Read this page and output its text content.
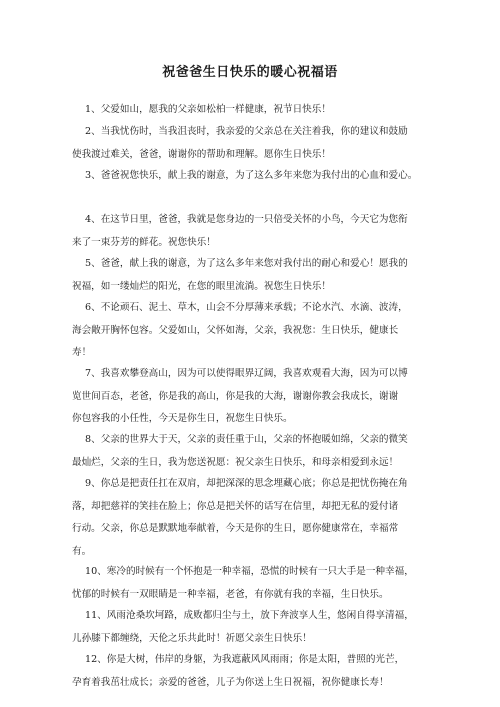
祝爸爸生日快乐的暖心祝福语
1、父爱如山，愿我的父亲如松柏一样健康，祝节日快乐！
2、当我忧伤时，当我沮丧时，我亲爱的父亲总在关注着我，你的建议和鼓励
使我渡过难关，爸爸，谢谢你的帮助和理解。愿你生日快乐！
3、爸爸祝您快乐，献上我的谢意，为了这么多年来您为我付出的心血和爱心。
4、在这节日里，爸爸，我就是您身边的一只倍受关怀的小鸟，今天它为您衔
来了一束芬芳的鲜花。祝您快乐！
5、爸爸，献上我的谢意，为了这么多年来您对我付出的耐心和爱心！愿我的
祝福，如一缕灿烂的阳光，在您的眼里流淌。祝您生日快乐！
6、不论顽石、泥土、草木，山会不分厚薄来承载；不论水汽、水滴、波涛，
海会敞开胸怀包容。父爱如山，父怀如海，父亲，我祝您：生日快乐，健康长
寿！
7、我喜欢攀登高山，因为可以使得眼界辽阔，我喜欢观看大海，因为可以博
览世间百态，老爸，你是我的高山，你是我的大海，谢谢你教会我成长，谢谢
你包容我的小任性，今天是你生日，祝您生日快乐。
8、父亲的世界大于天，父亲的责任重于山，父亲的怀抱暖如绵，父亲的微笑
最灿烂，父亲的生日，我为您送祝愿：祝父亲生日快乐，和母亲相爱到永远！
9、你总是把责任扛在双肩，却把深深的思念埋藏心底；你总是把忧伤掩在角
落，却把慈祥的笑挂在脸上；你总是把关怀的话写在信里，却把无私的爱付诸
行动。父亲，你总是默默地奉献着，今天是你的生日，愿你健康常在，幸福常
有。
10、寒冷的时候有一个怀抱是一种幸福，恐慌的时候有一只大手是一种幸福，
忧郁的时候有一双眼睛是一种幸福，老爸，有你就有我的幸福，生日快乐。
11、风雨沧桑坎坷路，成败都归尘与土，放下奔波享人生，悠闲自得享清福，
儿孙膝下都缠绕，天伦之乐共此时！祈愿父亲生日快乐！
12、你是大树，伟岸的身躯，为我遮蔽风风雨雨；你是太阳，普照的光芒，
孕育着我茁壮成长；亲爱的爸爸，儿子为你送上生日祝福，祝你健康长寿！
